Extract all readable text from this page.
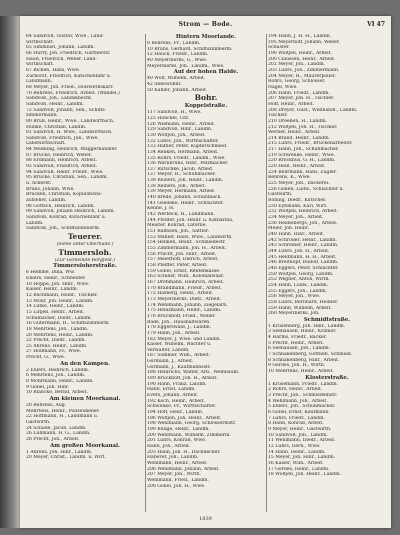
Strom — Bode.	VI 47
64 Sandvoß, Gustav, Wwe., Land-
wirthschaft.
65 Simmlust, Johann, Landm.
66 Hurry, Joh. Friedrich, Gärtnerstr.
Hauß, Friedrich, Weber, Land-
wirthschaft.
67 Ricken, Hans, Wwe.
Zurhorst, Friedrich, Kutschenfahr u.
Landmann.
68 Meyer, Joh. Fried., Holzwerkskarr.
70 Behrens, Friedrich, Arbeit. (Wandel.)
Sandvoß, Joh., Landsknecht.
Sandvoß, Heinr., Landm.
72 Sandvoß, Johann, Sen., Schiffs-
zimmermann.
80 Brüß, Heinr., Wwe., Landwirthsch.
Hünke, Christian, Landm.
81 Sandvoß, H. Wwe., Landwirthsch.
Sandvoß, Friedrich, Jun., Wwe.
Landwirthschaft.
84 Meißling, Heinrich, Maggerhändler.
87 Brücke, Heinrich, Weber.
88 Erdmann, Heinrich, Arbeit.
92 Sandvoß, Friedrich, Arbeit.
94 Sandvoß, Heinr. Friedr., Wwe.
95 Brücke, Christian, Sen., Landm.
u. Ackerer.
Bruns, Johann, Wwe.
Brücken, Christian, Kopulations-
aufseher, Landm.
98 Gottsch, Heinrich, Landm.
99 Sandvoß, Johann Heinrich, Landm.
Sandvoß, Konrad, Kutschenfahr u.
Landm.
Sandvoß, Joh., Schiffszimmerm.
Teuerer.
(Siehe unter Oberhude.)
Timmersloh.
(Zur Gemeinde Borgfeld.)
Timmersloherstraße.
6 Hemme, Dina, Ww.
Ehlers, Heinr., Schneider.
10 Hoppe, Joh. Hinr., Wwe.
Kaiser, Heinr., Landm.
12 Bachmann, Heinr., Tischler.
13 Mohr, Joh. Heinr., Landm.
14 Lütke, Heinr., Landm.
15 Lütjen, Heinr., Arbeit.
Schumacher, Diedr., Landm.
16 Gutermann, H., Schiffszimmerm.
18 Mehrtens, Joh., Landm.
20 Mehrtens, Heinr., Landm.
22 Precht, Diedr., Landm.
25 Ahrens, Heinr., Landm.
27 Hollmann, Fr., Wwe.
Precht, G., Wwe.
An den Kämpen.
2 Ehlers, Heinrich, Landm.
6 Mehrtens, Joh., Landm.
8 Mohrmann, Heinr., Landm.
9 Göbel, Joh. Hinr.
10 Blancke, Bernd, Arbeit.
Am kleinen Moorkanal.
20 Behrens, Aug.
Mehrtens, Heinr., Polizeidiener.
22 Hoffmann, H., Landmann u.
Gastwirth.
24 Schade, Jacob, Landm.
26 Lühmann, H. G., Landm.
28 Precht, Joh., Arbeit.
Am großen Moorkanal.
1 Ahrens, Joh. Hinr., Landm.
20 Meyer, Christ., Landm. u. Wirt.
Hintern Moorlande.
8 Behrens, Fr., Landm.
10 Bruns, Gerhard, Schiffszimmerm.
12 Hauck, Friedr., Landm.
40 Meyerdierks, G., Wwe.
Meyerdierks, Joh., Landm., Wwe.
Auf der hohen Halde.
40 Wolf, Wilhelm, Arbeit.
42 unbewohnt.
50 Kähler, Johann, Arbeit.
Bohr.
Koppelstraße.
117 Sandvoß, H., Wwe.
125 Hünckel, Chr.
126 Wiemann, Heinr., Arbeit.
129 Sandvoß, Hinr., Landm.
130 Wöltjen, Joh., Arbeit.
132 Lührs, Joh., Wirthschafter.
133 Hafner, Peter, Kupferschmied.
134 Renken, Hermann, Arbeit.
135 Röhrs, Friedr., Landm., Wwe.
136 Warnbruns, Hinr., Pelzmacher.
137 Rutschke, Jacob, Arbeit.
137 Meyer, H., Schuhmacher.
138 Reiners, Joh. Heinr., Landm.
138 Reiners, Joh., Arbeit.
139 Meyer, Hermann, Arbeit.
140 Brede, Johann, Schuhmach.
141 Goedeke, Heinr., Schlachter.
Kenne, J. H.
142 Werbeck, H., Landmann.
144 Pfeiffer, Joh. Heinr. u. Katharina,
Meister, Konrad, Laterne.
151 Bahnsen, Joh., Sattler.
153 Mahler, Hans, Wwe., Landwirth.
154 Henken, Heinr., Schmiedestr.
155 Zimmermann, Joh. H., Arbeit.
156 Pracht, Jon. Hinr., Arbeit.
157 Meierhoff, Dierich, Arbeit.
158 Pfeiffer, Peter, Arbeit.
159 Göbel, Ernst, Rentenkasse.
163 Schiller, Wilh., Kolonialwaar.
167 Drehmann, Heinrich, Arbeit.
170 Brandmann, Friedr., Arbeit.
172 Hasberg, Heinr., Arbeit.
173 Meyerdierks, Dietr., Arbeit.
174 Wehlmann, Johann, Ziegelarb.
175 Heinzmann, Heinr., Landm.
176 Brückhoff, Fried., Weber.
Bade, Joh., Haushaltwaren.
178 Eggerswald, J., Landm.
179 Hahn, Joh., Arbeit.
182 Meyer, J. Wwe. und Landm.
Kaiser, Wilhelm, Wächter u.
Verwalter, Landm.
187 Sommer, Wilh., Arbeit.
Gormann, J., Arbeit.
Gormann, J., Kaufmannsstr.
188 Heinrichs, Walter, Arb., Weinbaum.
189 Brückhoff, Joh. H., Arbeit.
190 Hahn, Franz, Landm.
Hahn, Ernst, Landm.
Evers, Johann, Arbeit.
192 Koch, Heinr., Arbeit.
Schwenke, Fr., Wirthschafter.
194 Hoff, Henr., Landm.
196 Wöltjen, Joh. Heinr., Arbeit.
198 Wehlmann, Georg, Schlossermstr.
199 Bunge, Heinr., Landm.
200 Wehlmann, Wilhelm, Zimmerm.
201 Lührs, Konrad, Wwe.
Hahn, Joh., Arbeit.
203 Hahn, Joh. H., Dachdecker.
Haberer, Joh., Landm.
Wehlmann, Heinr., Arbeit.
206 Wehlmann, Johann, Arbeit.
207 Meyer, Joh., Wirth.
Wehlmann, Fried., Landm.
208 Göbel, Joh. H., Wwe.
194 Hahn, J. H. H., Landm.
195 Meyerhoff, Johann, Weber.
Schuster.
196 Wöltjen, Heinr., Arbeit.
200 Claussen, Heinr., Arbeit.
202 Meyer, Joh., Landm.
203 Lührs, Joh., Zimmermann.
204 Meyer, H., Maurerpolier.
Röhrs, Georg, Schlosser.
Nagel, Wwe.
206 Hahn, Friedr., Landm.
207 Meyer, Joh. H., Tischler.
Hoff, Heinr., Arbeit.
208 Dreyer, Gust., Wildhändl., Landm.
Tischler.
210 Dreeßen, H., Landm.
212 Wöltjen, Joh. H., Tischler.
Werner, Heinr., Arbeit.
214 Brand, Heinr., Landm.
215 Lührs, Friedr., Brückenarbeiter.
217 Hahn, Joh., Schuhmacher.
219 Schwenke, Heinr., Wwe.
220 Brockhus, G. H., Landm.
220 Heiß, Heinr., Arbeit.
224 Behrmann, Hans, Zügler.
Behrens, K., Wwe.
225 Meyer, Joh., Bäckerei.
226 Göben, Ludw., Schlachter u.
Gastwirth.
Röbing, Diedr., Kutscher.
230 Eyßmann, Karl, Wirt.
232 Wöltjen, Heinrich, Arbeit.
234 Meyer, Joh., Arbeit.
236 Heidelbergs, Joh., Arbeit.
Meier, Joh. Heinr.
240 Hahn, Hinr., Arbeit.
242 Schröder, Heinr., Landm.
243 Schreiber, Heinr., Landm.
244 Lührs, Joh. H., Arbeit.
245 Heldmann, H. H., Arbeit.
246 Breitkopf, Rudolf, Landm.
248 Eggers, Peter, Schlachter.
250 Wöltjen, Georg, Landm.
252 Wegner, Anton, Wirth.
254 Hahn, Ludw., Landm.
255 Eggers, Joh., Landm.
256 Meyer, Joh., Wwe.
258 Lührs, Bernhard, Heißler.
259 Hahn, Wilhelm, Arbeit.
260 Meyerdierks, Joh.
Schmidtstraße.
1 Krüsenberg, Joh. Hinr., Landm.
3 Seehausen, Heinr., Krämer.
4 Harms, Friedr., Bäcker.
5 Precht, Heinr., Arbeit.
6 Seehausen, Joh., Landm.
7 Schnakenberg, Gottlieb, Schmied.
8 Schnakenberg, Hinr., Arbeit.
9 Gerdes, Joh. H., Wirth.
10 Mehrtens, Heinr., Arbeit.
Klosterstraße.
1 Krusemann, Friedr., Landm.
2 Röhrs, Heinr., Arbeit.
3 Precht, Joh., Schmiedemstr.
4 Wehlmann, Joh., Arbeit.
5 Ehlers, Joh., Schuhmacher.
6 Göbel, Ernst, Kaufmann.
7 Lührs, Friedr., Landm.
8 Hahn, Konrad, Arbeit.
9 Meyer, Heinr., Gastwirth.
10 Sandvoß, Joh., Landm.
11 Wehlmann, Diedr., Arbeit.
12 Lührs, Gerh., Wwe.
14 Hahn, Heinr., Landm.
15 Meyer, Joh. Hinr., Landm.
16 Kaiser, Wilh., Arbeit.
17 Gerdes, Heinr., Landm.
18 Wöltjen, Joh. Heinr., Landm.
1839
